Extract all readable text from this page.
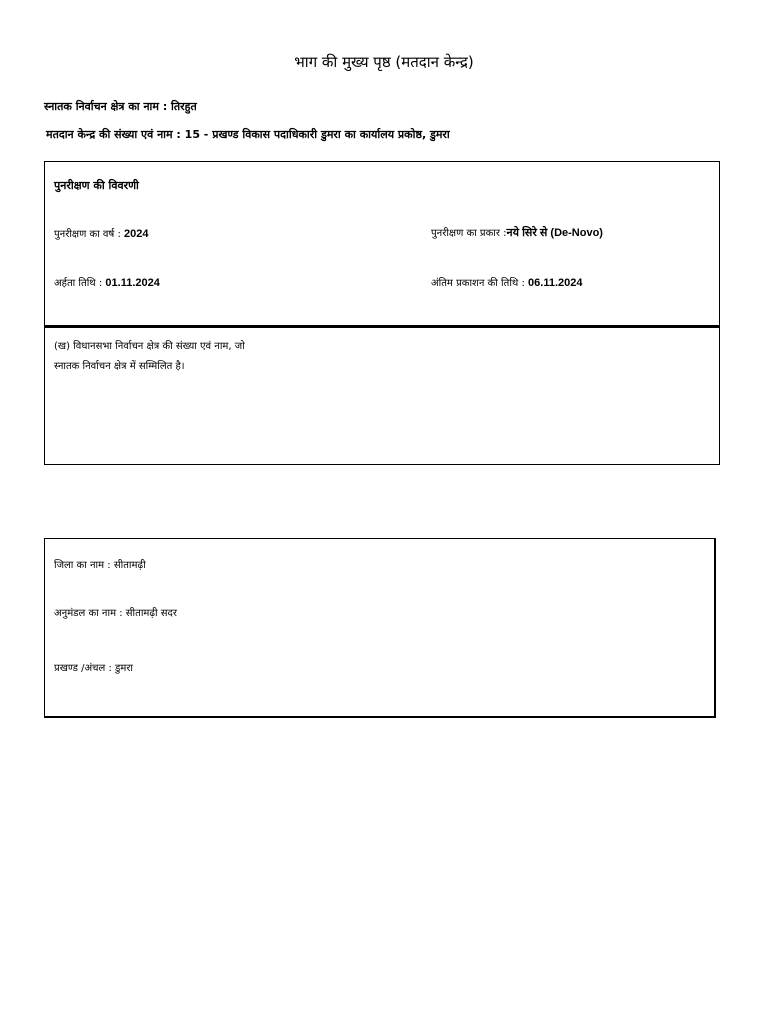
भाग की मुख्य पृष्ठ (मतदान केन्द्र)
स्नातक निर्वाचन क्षेत्र का नाम : तिरहुत
मतदान केन्द्र की संख्या एवं नाम : 15 - प्रखण्ड विकास पदाधिकारी डुमरा का कार्यालय प्रकोष्ठ, डुमरा
पुनरीक्षण की विवरणी
पुनरीक्षण का वर्ष : 2024	पुनरीक्षण का प्रकार :नये सिरे से (De-Novo)
अर्हता तिथि : 01.11.2024	अंतिम प्रकाशन की तिथि : 06.11.2024
(ख) विधानसभा निर्वाचन क्षेत्र की संख्या एवं नाम, जो स्नातक निर्वाचन क्षेत्र में सम्मिलित है।
जिला का नाम : सीतामढ़ी
अनुमंडल का नाम : सीतामढ़ी सदर
प्रखण्ड /अंचल : डुमरा
